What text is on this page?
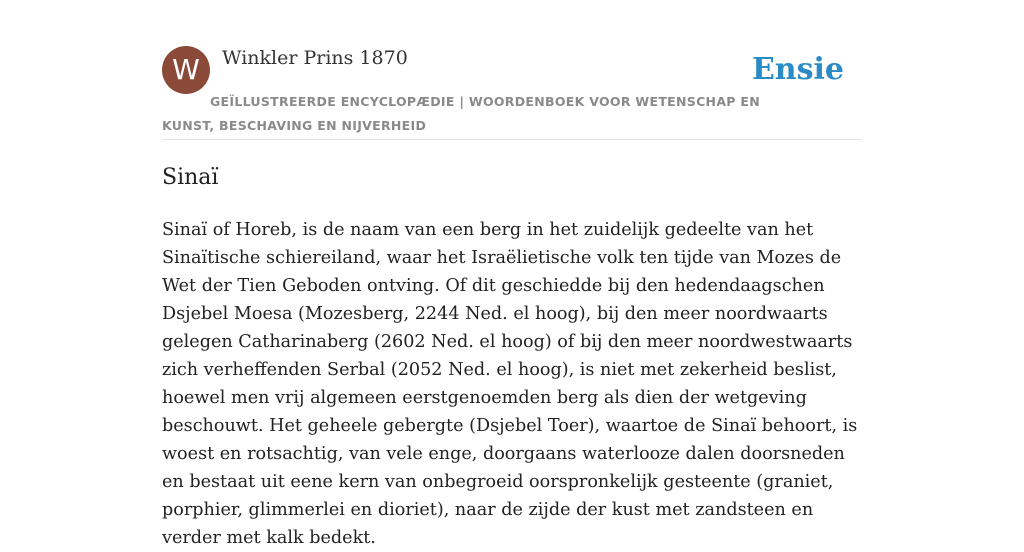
W	Winkler Prins 1870
GEÏLLUSTREERDE ENCYCLOPÆDIE | WOORDENBOEK VOOR WETENSCHAP EN KUNST, BESCHAVING EN NIJVERHEID
Ensie
Sinaï

Sinaï of Horeb, is de naam van een berg in het zuidelijk gedeelte van het Sinaïtische schiereiland, waar het Israëlietische volk ten tijde van Mozes de Wet der Tien Geboden ontving. Of dit geschiedde bij den hedendaagschen Dsjebel Moesa (Mozesberg, 2244 Ned. el hoog), bij den meer noordwaarts gelegen Catharinaberg (2602 Ned. el hoog) of bij den meer noordwestwaarts zich verheffenden Serbal (2052 Ned. el hoog), is niet met zekerheid beslist, hoewel men vrij algemeen eerstgenoemden berg als dien der wetgeving beschouwt. Het geheele gebergte (Dsjebel Toer), waartoe de Sinaï behoort, is woest en rotsachtig, van vele enge, doorgaans waterlooze dalen doorsneden en bestaat uit eene kern van onbegroeid oorspronkelijk gesteente (graniet, porphier, glimmerlei en dioriet), naar de zijde der kust met zandsteen en verder met kalk bedekt.
